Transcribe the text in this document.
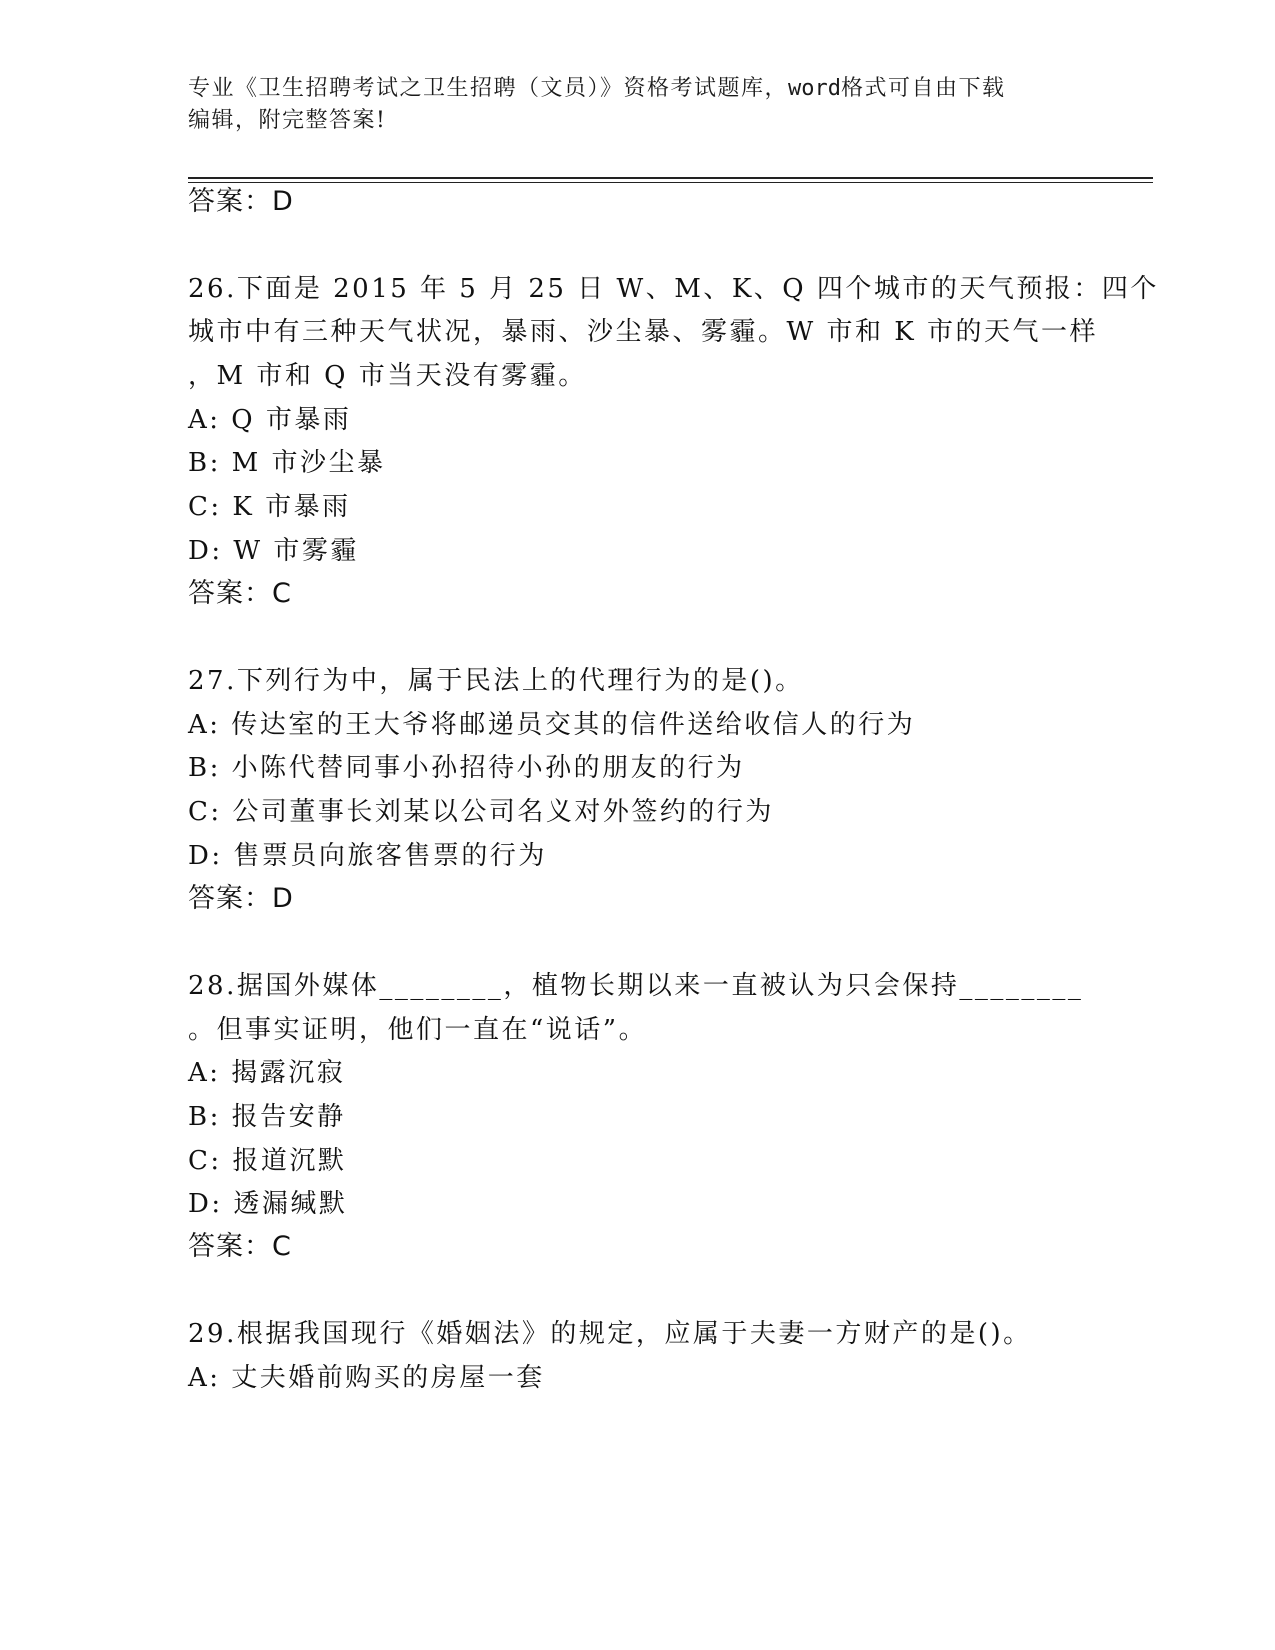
专业《卫生招聘考试之卫生招聘（文员）》资格考试题库，word格式可自由下载
编辑，附完整答案!
答案：D
26.下面是 2015 年 5 月 25 日 W、M、K、Q 四个城市的天气预报：四个
城市中有三种天气状况，暴雨、沙尘暴、雾霾。W 市和 K 市的天气一样
，M 市和 Q 市当天没有雾霾。
A: Q 市暴雨
B: M 市沙尘暴
C: K 市暴雨
D: W 市雾霾
答案：C
27.下列行为中，属于民法上的代理行为的是()。
A: 传达室的王大爷将邮递员交其的信件送给收信人的行为
B: 小陈代替同事小孙招待小孙的朋友的行为
C: 公司董事长刘某以公司名义对外签约的行为
D: 售票员向旅客售票的行为
答案：D
28.据国外媒体________，植物长期以来一直被认为只会保持________
。但事实证明，他们一直在“说话”。
A: 揭露沉寂
B: 报告安静
C: 报道沉默
D: 透漏缄默
答案：C
29.根据我国现行《婚姻法》的规定，应属于夫妻一方财产的是()。
A: 丈夫婚前购买的房屋一套
